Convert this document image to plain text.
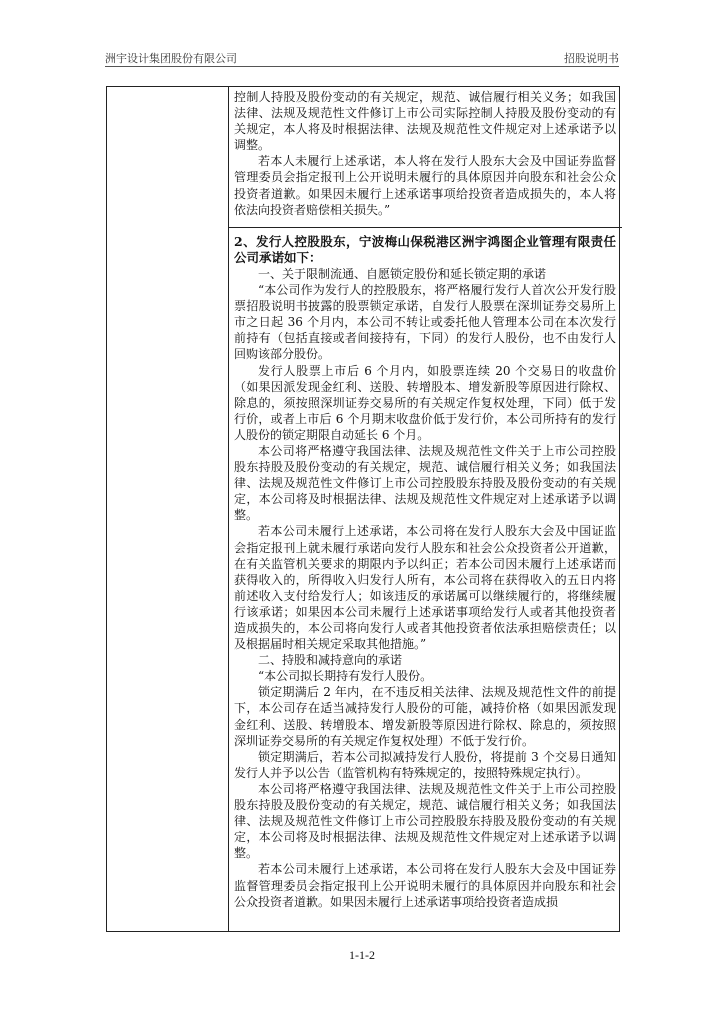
洲宇设计集团股份有限公司	招股说明书

控制人持股及股份变动的有关规定，规范、诚信履行相关义务；如我国法律、法规及规范性文件修订上市公司实际控制人持股及股份变动的有关规定，本人将及时根据法律、法规及规范性文件规定对上述承诺予以调整。

若本人未履行上述承诺，本人将在发行人股东大会及中国证券监督管理委员会指定报刊上公开说明未履行的具体原因并向股东和社会公众投资者道歉。如果因未履行上述承诺事项给投资者造成损失的，本人将依法向投资者赔偿相关损失。”

2、发行人控股股东，宁波梅山保税港区洲宇鸿图企业管理有限责任公司承诺如下：

一、关于限制流通、自愿锁定股份和延长锁定期的承诺

“本公司作为发行人的控股股东，将严格履行发行人首次公开发行股票招股说明书披露的股票锁定承诺，自发行人股票在深圳证券交易所上市之日起 36 个月内，本公司不转让或委托他人管理本公司在本次发行前持有（包括直接或者间接持有，下同）的发行人股份，也不由发行人回购该部分股份。

发行人股票上市后 6 个月内，如股票连续 20 个交易日的收盘价（如果因派发现金红利、送股、转增股本、增发新股等原因进行除权、除息的，须按照深圳证券交易所的有关规定作复权处理，下同）低于发行价，或者上市后 6 个月期末收盘价低于发行价，本公司所持有的发行人股份的锁定期限自动延长 6 个月。

本公司将严格遵守我国法律、法规及规范性文件关于上市公司控股股东持股及股份变动的有关规定，规范、诚信履行相关义务；如我国法律、法规及规范性文件修订上市公司控股股东持股及股份变动的有关规定，本公司将及时根据法律、法规及规范性文件规定对上述承诺予以调整。

若本公司未履行上述承诺，本公司将在发行人股东大会及中国证监会指定报刊上就未履行承诺向发行人股东和社会公众投资者公开道歉，在有关监管机关要求的期限内予以纠正；若本公司因未履行上述承诺而获得收入的，所得收入归发行人所有，本公司将在获得收入的五日内将前述收入支付给发行人；如该违反的承诺属可以继续履行的，将继续履行该承诺；如果因本公司未履行上述承诺事项给发行人或者其他投资者造成损失的，本公司将向发行人或者其他投资者依法承担赔偿责任；以及根据届时相关规定采取其他措施。”

二、持股和减持意向的承诺

“本公司拟长期持有发行人股份。

锁定期满后 2 年内，在不违反相关法律、法规及规范性文件的前提下，本公司存在适当减持发行人股份的可能，减持价格（如果因派发现金红利、送股、转增股本、增发新股等原因进行除权、除息的，须按照深圳证券交易所的有关规定作复权处理）不低于发行价。

锁定期满后，若本公司拟减持发行人股份，将提前 3 个交易日通知发行人并予以公告（监管机构有特殊规定的，按照特殊规定执行）。

本公司将严格遵守我国法律、法规及规范性文件关于上市公司控股股东持股及股份变动的有关规定，规范、诚信履行相关义务；如我国法律、法规及规范性文件修订上市公司控股股东持股及股份变动的有关规定，本公司将及时根据法律、法规及规范性文件规定对上述承诺予以调整。

若本公司未履行上述承诺，本公司将在发行人股东大会及中国证券监督管理委员会指定报刊上公开说明未履行的具体原因并向股东和社会公众投资者道歉。如果因未履行上述承诺事项给投资者造成损

1-1-2
